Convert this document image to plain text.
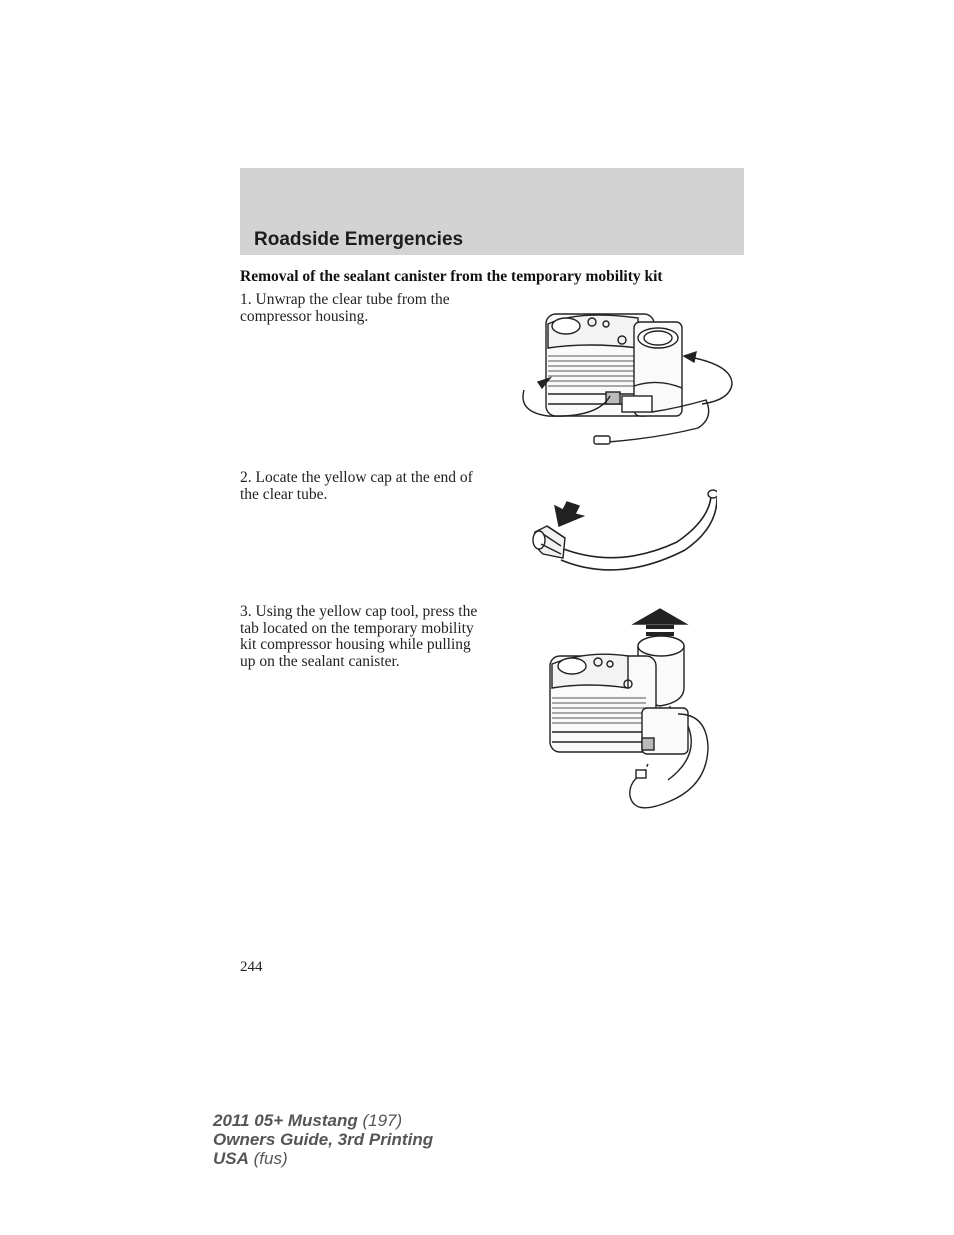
Roadside Emergencies

Removal of the sealant canister from the temporary mobility kit

1. Unwrap the clear tube from the compressor housing.

2. Locate the yellow cap at the end of the clear tube.

3. Using the yellow cap tool, press the tab located on the temporary mobility kit compressor housing while pulling up on the sealant canister.

244

2011 05+ Mustang (197)
Owners Guide, 3rd Printing
USA (fus)
